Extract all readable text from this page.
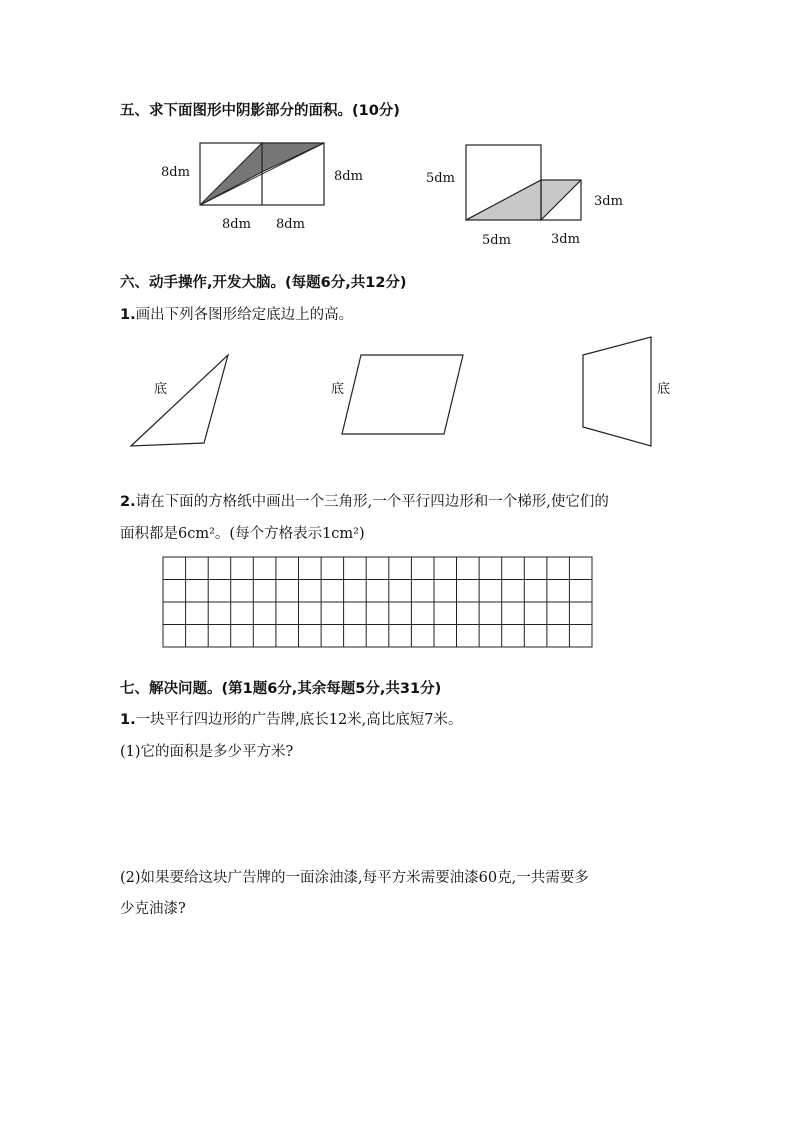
五、求下面图形中阴影部分的面积。(10分)
8dm	8dm
8dm 8dm
5dm
3dm
5dm	3dm
六、动手操作,开发大脑。(每题6分,共12分)
1.画出下列各图形给定底边上的高。
底	底	底
2.请在下面的方格纸中画出一个三角形,一个平行四边形和一个梯形,使它们的
面积都是6cm²。(每个方格表示1cm²)
七、解决问题。(第1题6分,其余每题5分,共31分)
1.一块平行四边形的广告牌,底长12米,高比底短7米。
(1)它的面积是多少平方米?
(2)如果要给这块广告牌的一面涂油漆,每平方米需要油漆60克,一共需要多
少克油漆?
